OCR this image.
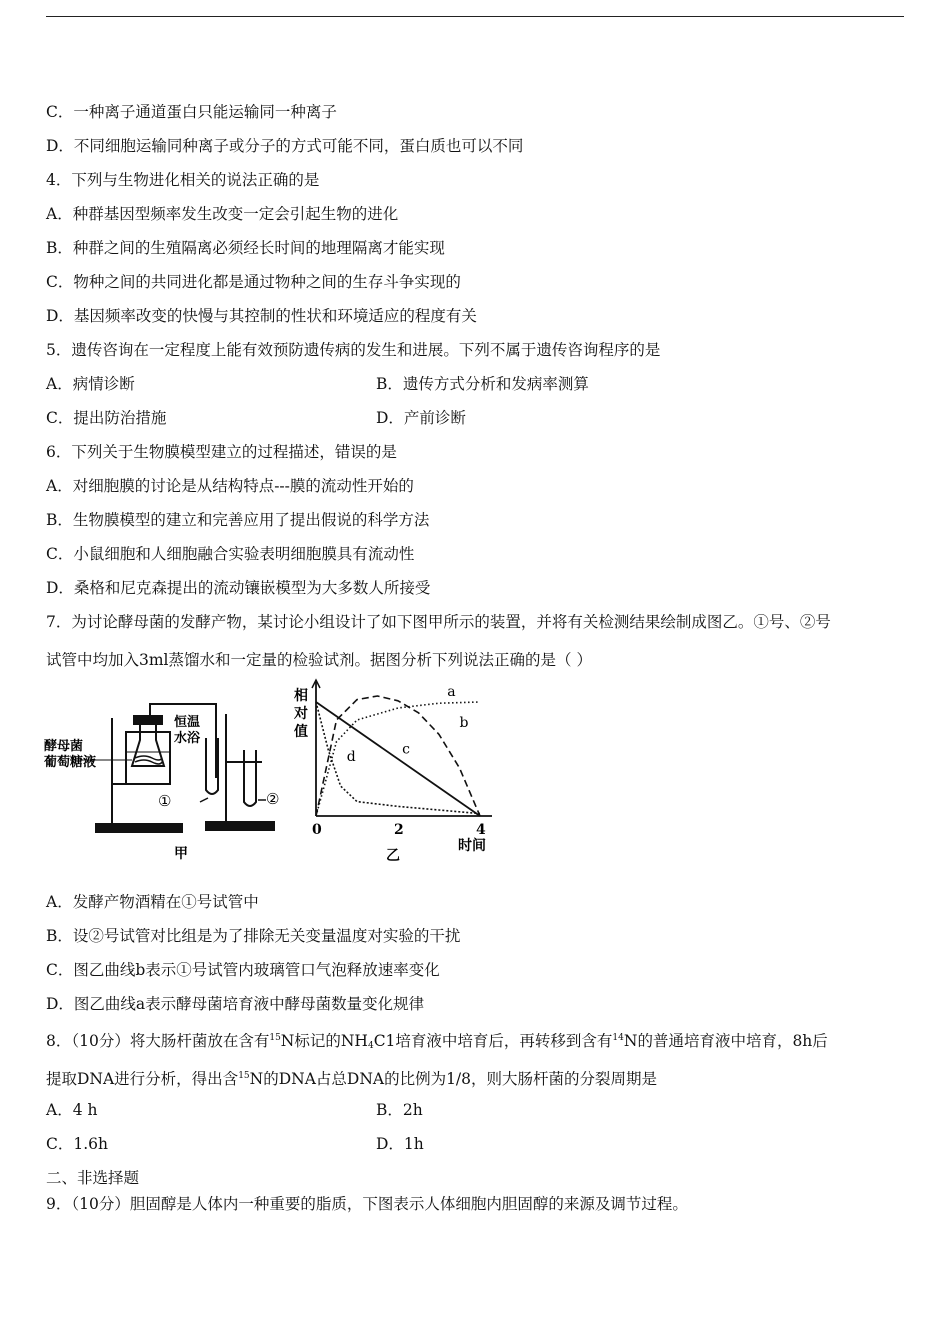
C．一种离子通道蛋白只能运输同一种离子
D．不同细胞运输同种离子或分子的方式可能不同，蛋白质也可以不同
4．下列与生物进化相关的说法正确的是
A．种群基因型频率发生改变一定会引起生物的进化
B．种群之间的生殖隔离必须经长时间的地理隔离才能实现
C．物种之间的共同进化都是通过物种之间的生存斗争实现的
D．基因频率改变的快慢与其控制的性状和环境适应的程度有关
5．遗传咨询在一定程度上能有效预防遗传病的发生和进展。下列不属于遗传咨询程序的是
A．病情诊断	B．遗传方式分析和发病率测算
C．提出防治措施	D．产前诊断
6．下列关于生物膜模型建立的过程描述，错误的是
A．对细胞膜的讨论是从结构特点---膜的流动性开始的
B．生物膜模型的建立和完善应用了提出假说的科学方法
C．小鼠细胞和人细胞融合实验表明细胞膜具有流动性
D．桑格和尼克森提出的流动镶嵌模型为大多数人所接受
7．为讨论酵母菌的发酵产物，某讨论小组设计了如下图甲所示的装置，并将有关检测结果绘制成图乙。①号、②号
试管中均加入3ml蒸馏水和一定量的检验试剂。据图分析下列说法正确的是（ ）
酵母菌
葡萄糖液
恒温
水浴
①	②
甲
a
b
c
d
0	2	4
相
对
值
时间
乙
A．发酵产物酒精在①号试管中
B．设②号试管对比组是为了排除无关变量温度对实验的干扰
C．图乙曲线b表示①号试管内玻璃管口气泡释放速率变化
D．图乙曲线a表示酵母菌培育液中酵母菌数量变化规律
8．（10分）将大肠杆菌放在含有$^{15}$N标记的$NH_4C1$培育液中培育后，再转移到含有$^{14}$N的普通培育液中培育，8h后
提取DNA进行分析，得出含$^{15}$N的DNA占总DNA的比例为1/8，则大肠杆菌的分裂周期是
A．4 h	B．2h
C．1.6h	D．1h
二、非选择题
9．（10分）胆固醇是人体内一种重要的脂质，下图表示人体细胞内胆固醇的来源及调节过程。
